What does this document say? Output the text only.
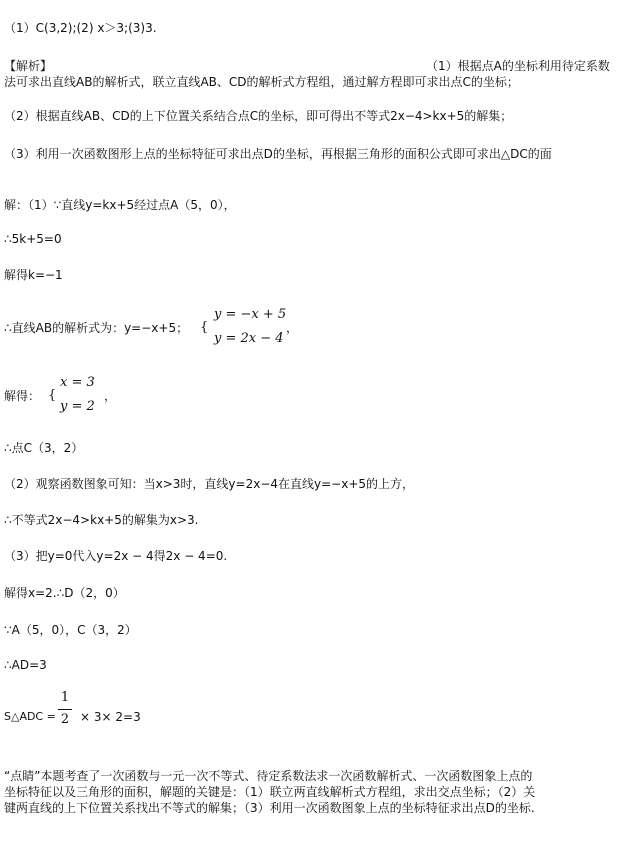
（1）C(3,2);(2) x＞3;(3)3.
【解析】	（1）根据点A的坐标利用待定系数
法可求出直线AB的解析式，联立直线AB、CD的解析式方程组，通过解方程即可求出点C的坐标；
（2）根据直线AB、CD的上下位置关系结合点C的坐标，即可得出不等式2x−4>kx+5的解集；
（3）利用一次函数图形上点的坐标特征可求出点D的坐标，再根据三角形的面积公式即可求出△DC的面
解：（1）∵直线y=kx+5经过点A（5，0），
∴5k+5=0
解得k=−1
∴直线AB的解析式为：y=−x+5； {
y = −x + 5
y = 2x − 4
，
解得： {
x = 3
y = 2
，
∴点C（3，2）
（2）观察函数图象可知：当x>3时，直线y=2x−4在直线y=−x+5的上方，
∴不等式2x−4>kx+5的解集为x>3.
（3）把y=0代入y=2x − 4得2x − 4=0.
解得x=2.∴D（2，0）
∵A（5，0），C（3，2）
∴AD=3
S△ADC =
1
2 × 3× 2=3
“点睛”本题考查了一次函数与一元一次不等式、待定系数法求一次函数解析式、一次函数图象上点的
坐标特征以及三角形的面积，解题的关键是：（1）联立两直线解析式方程组，求出交点坐标；（2）关
键两直线的上下位置关系找出不等式的解集；（3）利用一次函数图象上点的坐标特征求出点D的坐标.
